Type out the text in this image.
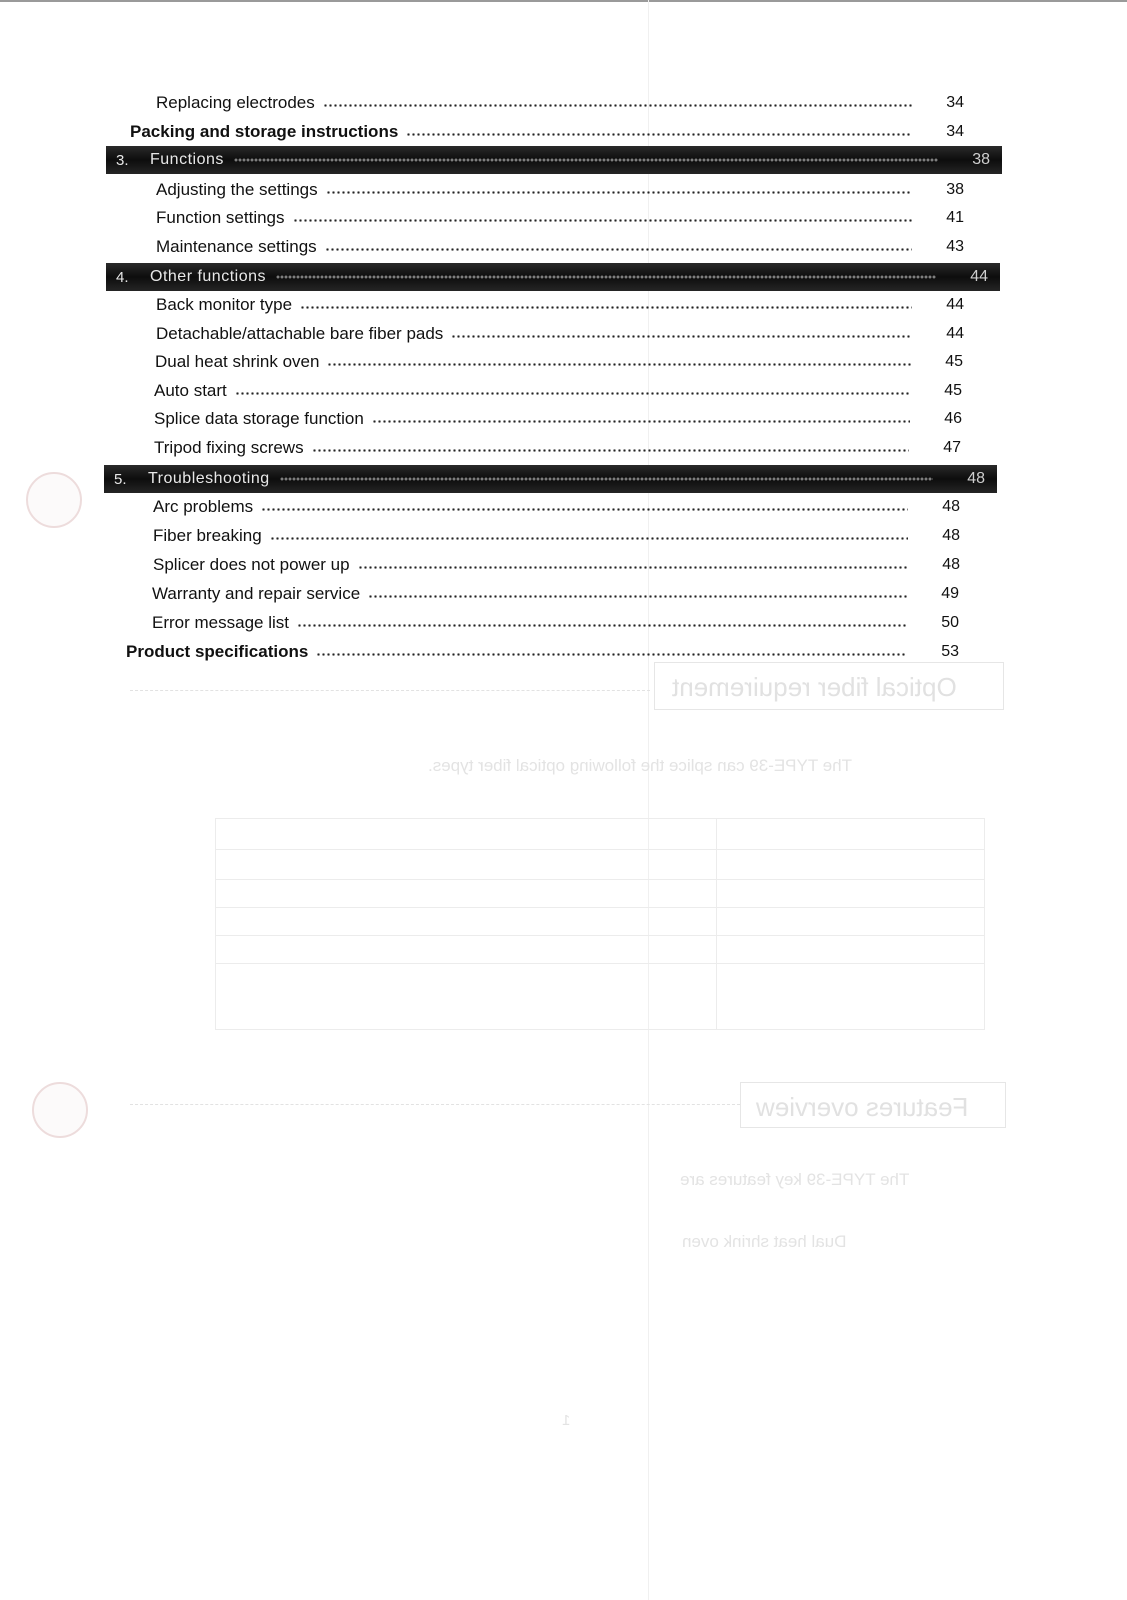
Optical fiber requirement
The TYPE-39 can splice the following optical fiber types.
Features overview
The TYPE-39 key features are
Dual heat shrink oven
1
Replacing electrodes	34
Packing and storage instructions	34
3.	Functions	38
Adjusting the settings	38
Function settings	41
Maintenance settings	43
4.	Other functions	44
Back monitor type	44
Detachable/attachable bare fiber pads	44
Dual heat shrink oven	45
Auto start	45
Splice data storage function	46
Tripod fixing screws	47
5.	Troubleshooting	48
Arc problems	48
Fiber breaking	48
Splicer does not power up	48
Warranty and repair service	49
Error message list	50
Product specifications	53
